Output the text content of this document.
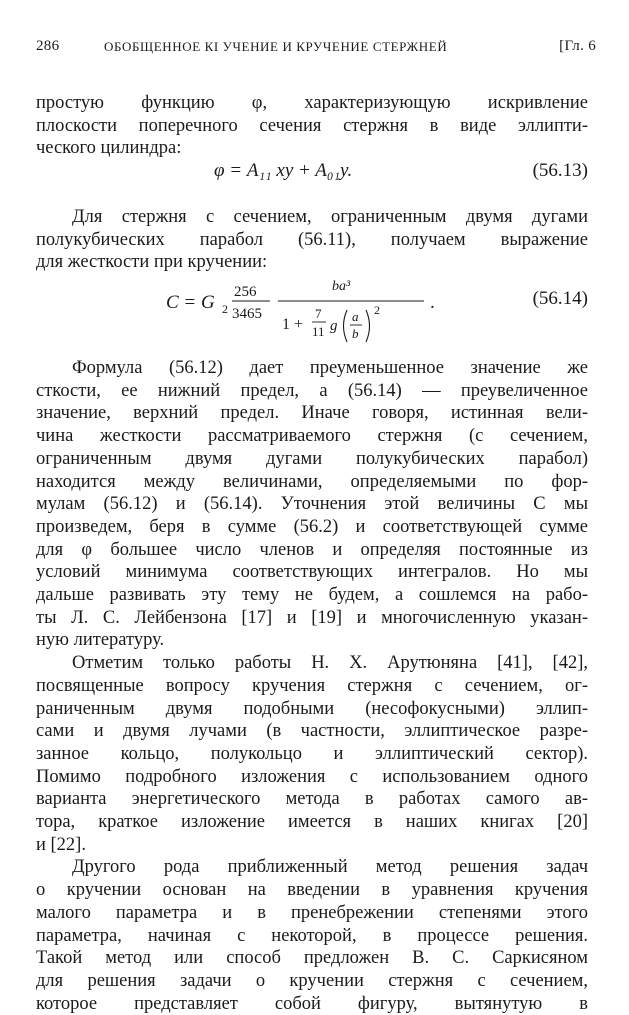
286	ОБОБЩЕННОЕ КІ УЧЕНИЕ И КРУЧЕНИЕ СТЕРЖНЕЙ	[Гл. 6

простую функцию φ, характеризующую искривление

плоскости поперечного сечения стержня в виде эллипти-

ческого цилиндра:

φ = A₁₁ xy + A₀₁y.	(56.13)

Для стержня с сечением, ограниченным двумя дугами

полукубических парабол (56.11), получаем выражение

для жесткости при кручении:

C = G 2
256
3465
ba³
1 +
7
11 g
a
b
2	.	(56.14)

Формула (56.12) дает преуменьшенное значение же

сткости, ее нижний предел, а (56.14) — преувеличенное

значение, верхний предел. Иначе говоря, истинная вели-

чина жесткости рассматриваемого стержня (с сечением,

ограниченным двумя дугами полукубических парабол)

находится между величинами, определяемыми по фор-

мулам (56.12) и (56.14). Уточнения этой величины C мы

произведем, беря в сумме (56.2) и соответствующей сумме

для φ большее число членов и определяя постоянные из

условий минимума соответствующих интегралов. Но мы

дальше развивать эту тему не будем, а сошлемся на рабо-

ты Л. С. Лейбензона [17] и [19] и многочисленную указан-

ную литературу.

Отметим только работы Н. Х. Арутюняна [41], [42],

посвященные вопросу кручения стержня с сечением, ог-

раниченным двумя подобными (несофокусными) эллип-

сами и двумя лучами (в частности, эллиптическое разре-

занное кольцо, полукольцо и эллиптический сектор).

Помимо подробного изложения с использованием одного

варианта энергетического метода в работах самого ав-

тора, краткое изложение имеется в наших книгах [20]

и [22].

Другого рода приближенный метод решения задач

о кручении основан на введении в уравнения кручения

малого параметра и в пренебрежении степенями этого

параметра, начиная с некоторой, в процессе решения.

Такой метод или способ предложен В. С. Саркисяном

для решения задачи о кручении стержня с сечением,

которое представляет собой фигуру, вытянутую в
